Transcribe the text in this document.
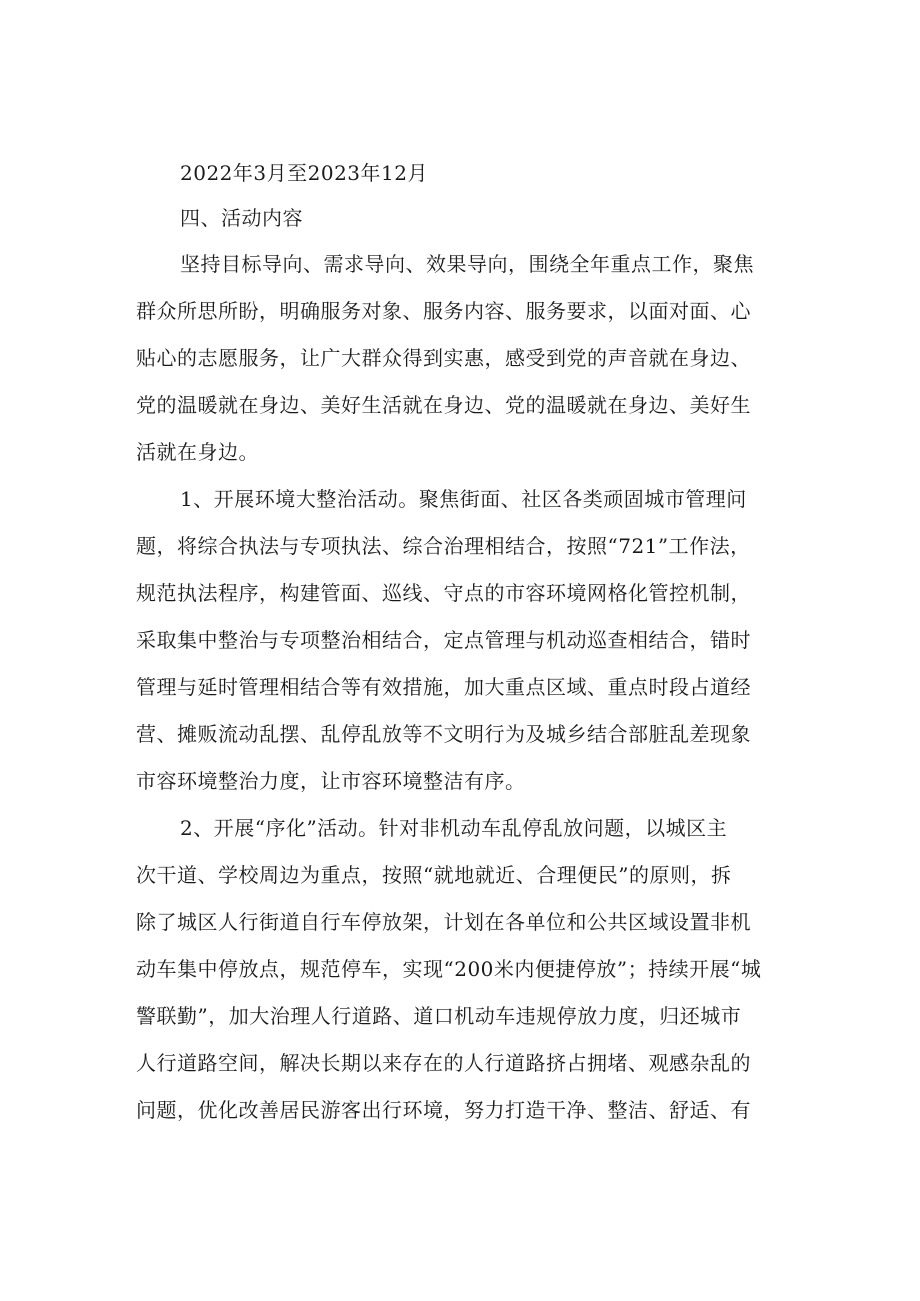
2022年3月至2023年12月
四、活动内容
坚持目标导向、需求导向、效果导向，围绕全年重点工作，聚焦
群众所思所盼，明确服务对象、服务内容、服务要求，以面对面、心
贴心的志愿服务，让广大群众得到实惠，感受到党的声音就在身边、
党的温暖就在身边、美好生活就在身边、党的温暖就在身边、美好生
活就在身边。
1、开展环境大整治活动。聚焦街面、社区各类顽固城市管理问
题，将综合执法与专项执法、综合治理相结合，按照“721”工作法，
规范执法程序，构建管面、巡线、守点的市容环境网格化管控机制，
采取集中整治与专项整治相结合，定点管理与机动巡查相结合，错时
管理与延时管理相结合等有效措施，加大重点区域、重点时段占道经
营、摊贩流动乱摆、乱停乱放等不文明行为及城乡结合部脏乱差现象
市容环境整治力度，让市容环境整洁有序。
2、开展“序化”活动。针对非机动车乱停乱放问题，以城区主
次干道、学校周边为重点，按照“就地就近、合理便民”的原则，拆
除了城区人行街道自行车停放架，计划在各单位和公共区域设置非机
动车集中停放点，规范停车，实现“200米内便捷停放”；持续开展“城
警联勤”，加大治理人行道路、道口机动车违规停放力度，归还城市
人行道路空间，解决长期以来存在的人行道路挤占拥堵、观感杂乱的
问题，优化改善居民游客出行环境，努力打造干净、整洁、舒适、有
